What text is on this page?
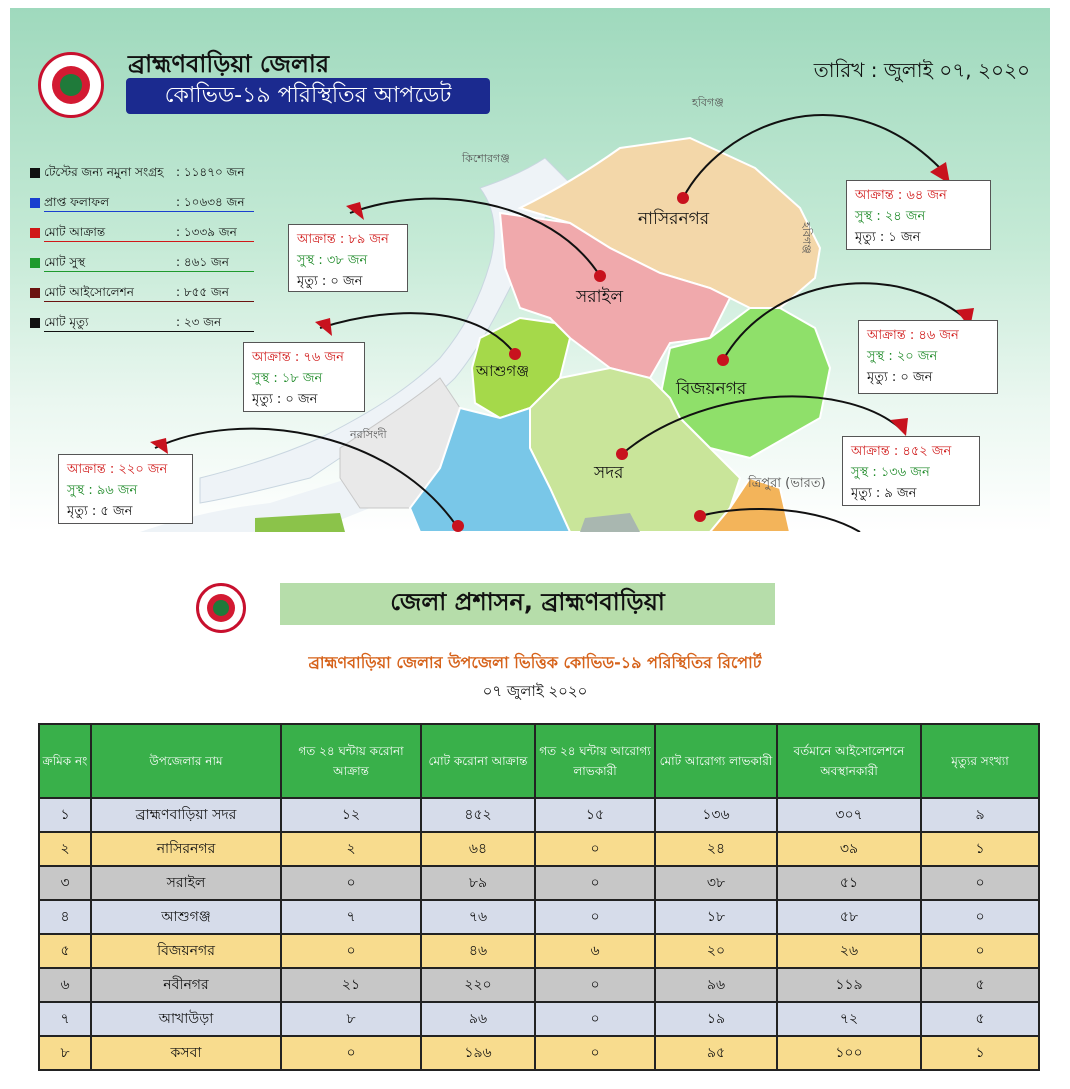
ব্রাহ্মণবাড়িয়া জেলার
কোভিড-১৯ পরিস্থিতির আপডেট
তারিখ : জুলাই ০৭, ২০২০
টেস্টের জন্য নমুনা সংগ্রহ : ১১৪৭০ জন
প্রাপ্ত ফলাফল	: ১০৬৩৪ জন
মোট আক্রান্ত	: ১৩৩৯ জন
মোট সুস্থ	: ৪৬১ জন
মোট আইসোলেশন	: ৮৫৫ জন
মোট মৃত্যু	: ২৩ জন
হবিগঞ্জ
কিশোরগঞ্জ
নাসিরনগর
সরাইল
আশুগঞ্জ
বিজয়নগর
সদর
নরসিংদী
ত্রিপুরা (ভারত)
হবিগঞ্জ
আক্রান্ত : ৬৪ জন
সুস্থ : ২৪ জন
মৃত্যু : ১ জন
আক্রান্ত : ৮৯ জন
সুস্থ : ৩৮ জন
মৃত্যু : ০ জন
আক্রান্ত : ৭৬ জন
সুস্থ : ১৮ জন
মৃত্যু : ০ জন
আক্রান্ত : ৪৬ জন
সুস্থ : ২০ জন
মৃত্যু : ০ জন
আক্রান্ত : ৪৫২ জন
সুস্থ : ১৩৬ জন
মৃত্যু : ৯ জন
আক্রান্ত : ২২০ জন
সুস্থ : ৯৬ জন
মৃত্যু : ৫ জন
জেলা প্রশাসন, ব্রাহ্মণবাড়িয়া
ব্রাহ্মণবাড়িয়া জেলার উপজেলা ভিত্তিক কোভিড-১৯ পরিস্থিতির রিপোর্ট
০৭ জুলাই ২০২০
ক্রমিক নং	উপজেলার নাম	গত ২৪ ঘন্টায় করোনা আক্রান্ত	মোট করোনা আক্রান্ত	গত ২৪ ঘন্টায় আরোগ্য লাভকারী	মোট আরোগ্য লাভকারী	বর্তমানে আইসোলেশনে অবস্থানকারী	মৃত্যুর সংখ্যা
১	ব্রাহ্মণবাড়িয়া সদর	১২	৪৫২	১৫	১৩৬	৩০৭	৯
২	নাসিরনগর	২	৬৪	০	২৪	৩৯	১
৩	সরাইল	০	৮৯	০	৩৮	৫১	০
৪	আশুগঞ্জ	৭	৭৬	০	১৮	৫৮	০
৫	বিজয়নগর	০	৪৬	৬	২০	২৬	০
৬	নবীনগর	২১	২২০	০	৯৬	১১৯	৫
৭	আখাউড়া	৮	৯৬	০	১৯	৭২	৫
৮	কসবা	০	১৯৬	০	৯৫	১০০	১
